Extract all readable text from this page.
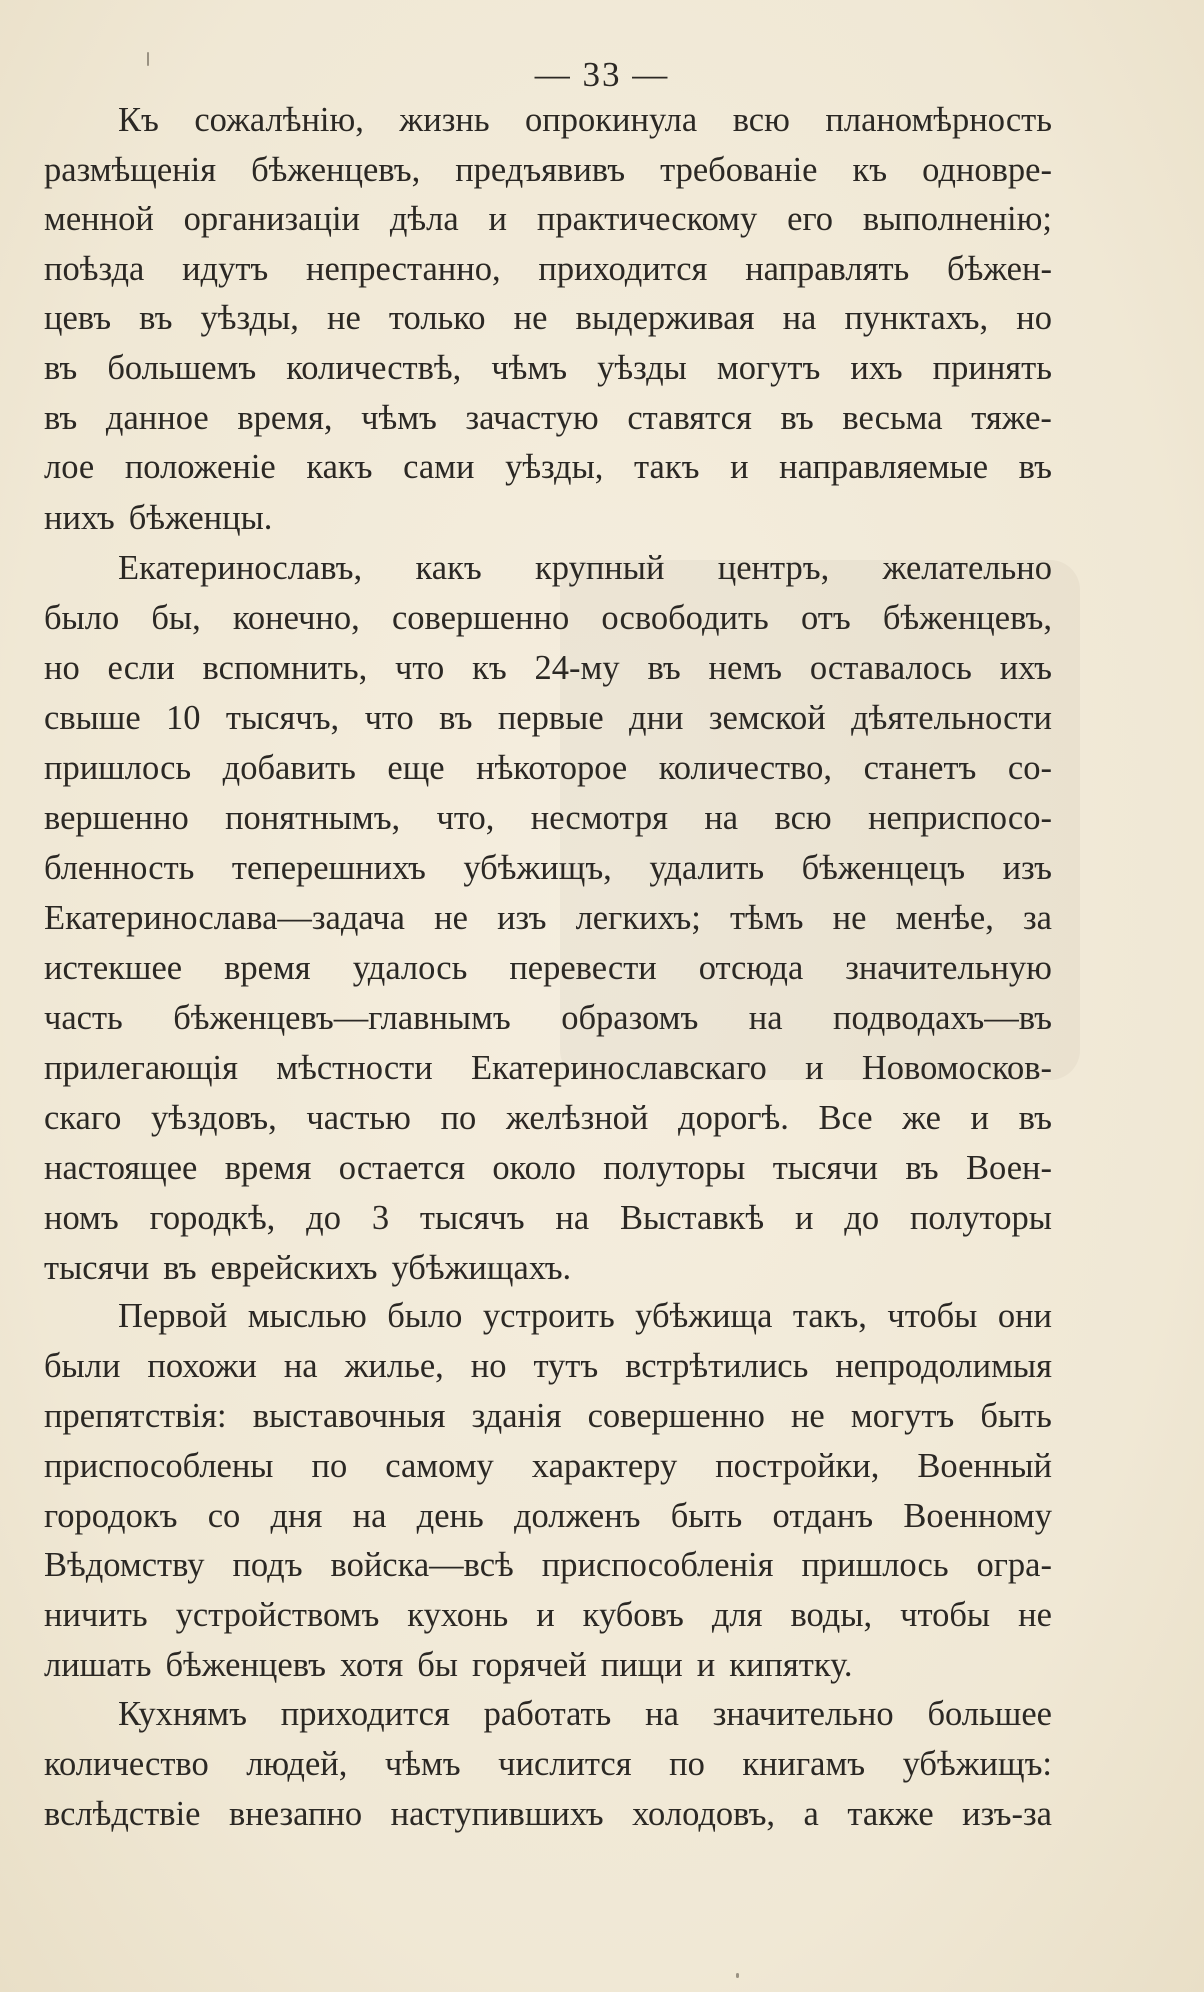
— 33 —
Къ сожалѣнію, жизнь опрокинула всю планомѣрность
размѣщенія бѣженцевъ, предъявивъ требованіе къ одновре-
менной организаціи дѣла и практическому его выполненію;
поѣзда идутъ непрестанно, приходится направлять бѣжен-
цевъ въ уѣзды, не только не выдерживая на пунктахъ, но
въ большемъ количествѣ, чѣмъ уѣзды могутъ ихъ принять
въ данное время, чѣмъ зачастую ставятся въ весьма тяже-
лое положеніе какъ сами уѣзды, такъ и направляемые въ
нихъ бѣженцы.
Екатеринославъ, какъ крупный центръ, желательно
было бы, конечно, совершенно освободить отъ бѣженцевъ,
но если вспомнить, что къ 24-му въ немъ оставалось ихъ
свыше 10 тысячъ, что въ первые дни земской дѣятельности
пришлось добавить еще нѣкоторое количество, станетъ со-
вершенно понятнымъ, что, несмотря на всю неприспосо-
бленность теперешнихъ убѣжищъ, удалить бѣженцецъ изъ
Екатеринослава—задача не изъ легкихъ; тѣмъ не менѣе, за
истекшее время удалось перевести отсюда значительную
часть бѣженцевъ—главнымъ образомъ на подводахъ—въ
прилегающія мѣстности Екатеринославскаго и Новомосков-
скаго уѣздовъ, частью по желѣзной дорогѣ. Все же и въ
настоящее время остается около полуторы тысячи въ Воен-
номъ городкѣ, до 3 тысячъ на Выставкѣ и до полуторы
тысячи въ еврейскихъ убѣжищахъ.
Первой мыслью было устроить убѣжища такъ, чтобы они
были похожи на жилье, но тутъ встрѣтились непродолимыя
препятствія: выставочныя зданія совершенно не могутъ быть
приспособлены по самому характеру постройки, Военный
городокъ со дня на день долженъ быть отданъ Военному
Вѣдомству подъ войска—всѣ приспособленія пришлось огра-
ничить устройствомъ кухонь и кубовъ для воды, чтобы не
лишать бѣженцевъ хотя бы горячей пищи и кипятку.
Кухнямъ приходится работать на значительно большее
количество людей, чѣмъ числится по книгамъ убѣжищъ:
вслѣдствіе внезапно наступившихъ холодовъ, а также изъ-за
